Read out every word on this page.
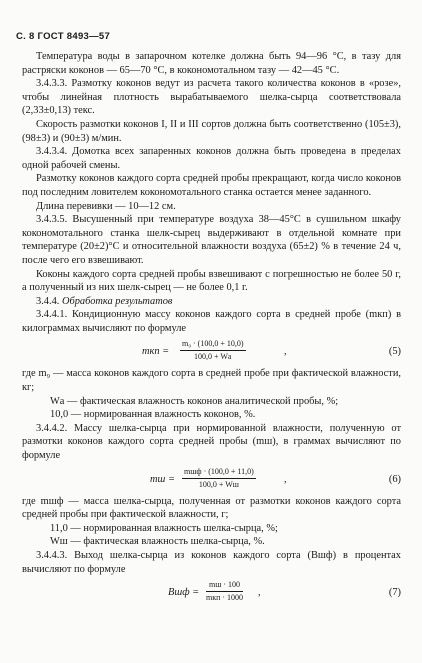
С. 8 ГОСТ 8493—57

Температура воды в запарочном котелке должна быть 94—96 °С, в тазу для растряски коконов — 65—70 °С, в кокономотальном тазу — 42—45 °С.

3.4.3.3. Размотку коконов ведут из расчета такого количества коконов в «розе», чтобы линейная плотность вырабатываемого шелка-сырца соответствовала (2,33±0,13) текс.

Скорость размотки коконов I, II и III сортов должна быть соответственно (105±3), (98±3) и (90±3) м/мин.

3.4.3.4. Домотка всех запаренных коконов должна быть проведена в пределах одной рабочей смены.

Размотку коконов каждого сорта средней пробы прекращают, когда число коконов под последним ловителем кокономотального станка остается менее заданного.

Длина перевивки — 10—12 см.

3.4.3.5. Высушенный при температуре воздуха 38—45°С в сушильном шкафу кокономотального станка шелк-сырец выдерживают в отдельной комнате при температуре (20±2)°С и относительной влажности воздуха (65±2) % в течение 24 ч, после чего его взвешивают.

Коконы каждого сорта средней пробы взвешивают с погрешностью не более 50 г, а полученный из них шелк-сырец — не более 0,1 г.

3.4.4. Обработка результатов

3.4.4.1. Кондиционную массу коконов каждого сорта в средней пробе (mкп) в килограммах вычисляют по формуле

mкп =
m₉ · (100,0 + 10,0)
100,0 + Wа	,	(5)

где m₉ — масса коконов каждого сорта в средней пробе при фактической влажности, кг;

Wа — фактическая влажность коконов аналитической пробы, %;

10,0 — нормированная влажность коконов, %.

3.4.4.2. Массу шелка-сырца при нормированной влажности, полученную от размотки коконов каждого сорта средней пробы (mш), в граммах вычисляют по формуле

mш =
mшф · (100,0 + 11,0)
100,0 + Wш	,	(6)

где mшф — масса шелка-сырца, полученная от размотки коконов каждого сорта средней пробы при фактической влажности, г;

11,0 — нормированная влажность шелка-сырца, %;

Wш — фактическая влажность шелка-сырца, %.

3.4.4.3. Выход шелка-сырца из коконов каждого сорта (Bшф) в процентах вычисляют по формуле

Bшф =
mш · 100
mкп · 1000 ,	(7)
